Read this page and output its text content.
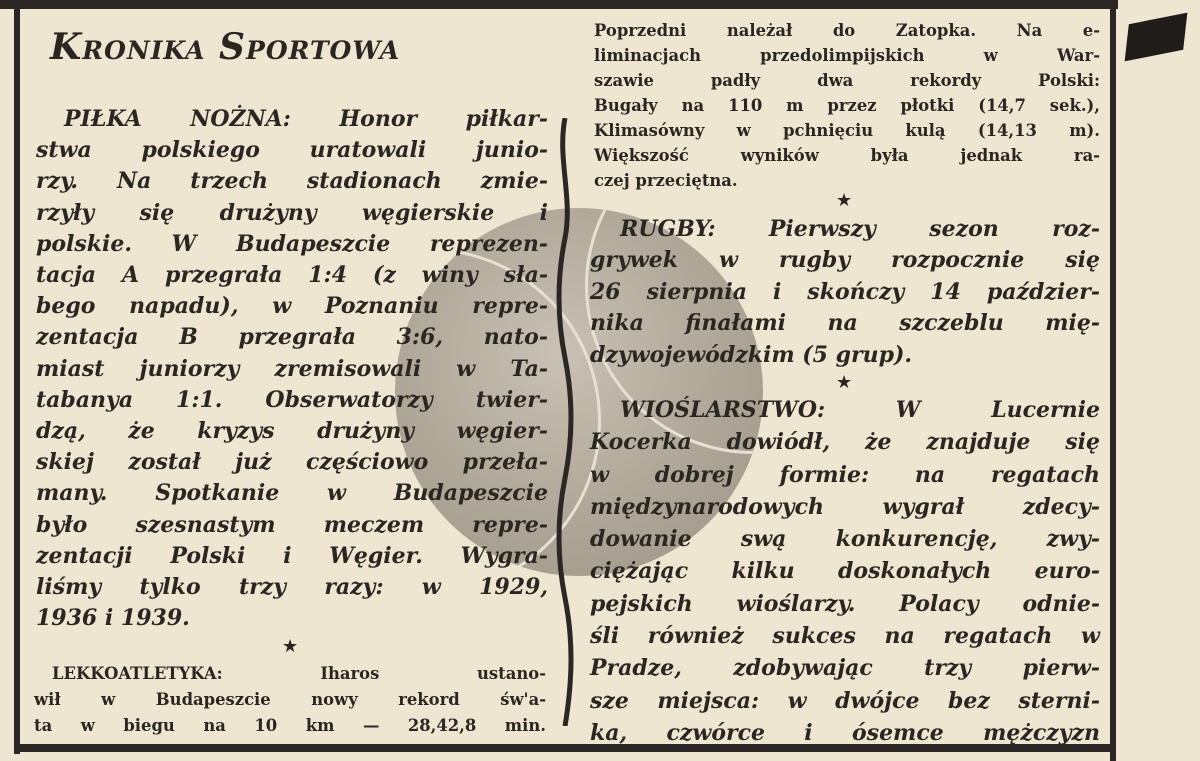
Kronika Sportowa
PIŁKA NOŻNA: Honor piłkar-
stwa polskiego uratowali junio-
rzy. Na trzech stadionach zmie-
rzyły się drużyny węgierskie i
polskie. W Budapeszcie reprezen-
tacja A przegrała 1:4 (z winy sła-
bego napadu), w Poznaniu repre-
zentacja B przegrała 3:6, nato-
miast juniorzy zremisowali w Ta-
tabanya 1:1. Obserwatorzy twier-
dzą, że kryzys drużyny węgier-
skiej został już częściowo przeła-
many. Spotkanie w Budapeszcie
było szesnastym meczem repre-
zentacji Polski i Węgier. Wygra-
liśmy tylko trzy razy: w 1929,
1936 i 1939.
★
LEKKOATLETYKA: Iharos ustano-
wił w Budapeszcie nowy rekord św'a-
ta w biegu na 10 km — 28,42,8 min.
Poprzedni należał do Zatopka. Na e-
liminacjach przedolimpijskich w War-
szawie padły dwa rekordy Polski:
Bugały na 110 m przez płotki (14,7 sek.),
Klimasówny w pchnięciu kulą (14,13 m).
Większość wyników była jednak ra-
czej przeciętna.
★
RUGBY: Pierwszy sezon roz-
grywek w rugby rozpocznie się
26 sierpnia i skończy 14 paździer-
nika finałami na szczeblu mię-
dzywojewódzkim (5 grup).
★
WIOŚLARSTWO: W Lucernie
Kocerka dowiódł, że znajduje się
w dobrej formie: na regatach
międzynarodowych wygrał zdecy-
dowanie swą konkurencję, zwy-
ciężając kilku doskonałych euro-
pejskich wioślarzy. Polacy odnie-
śli również sukces na regatach w
Pradze, zdobywając trzy pierw-
sze miejsca: w dwójce bez sterni-
ka, czwórce i ósemce mężczyzn
